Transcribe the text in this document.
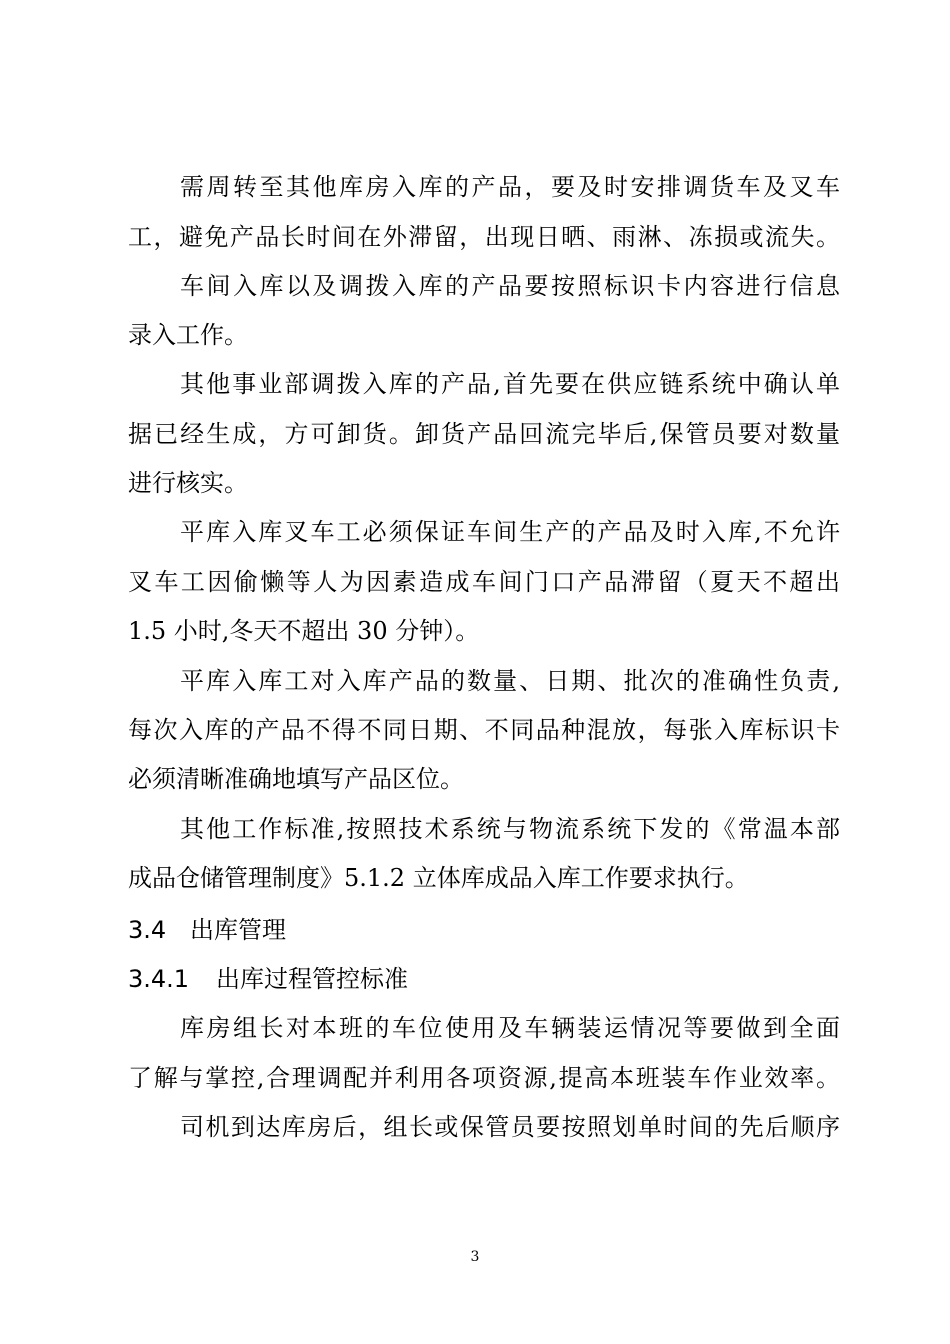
需周转至其他库房入库的产品，要及时安排调货车及叉车
工，避免产品长时间在外滞留，出现日晒、雨淋、冻损或流失。
车间入库以及调拨入库的产品要按照标识卡内容进行信息
录入工作。
其他事业部调拨入库的产品,首先要在供应链系统中确认单
据已经生成，方可卸货。卸货产品回流完毕后,保管员要对数量
进行核实。
平库入库叉车工必须保证车间生产的产品及时入库,不允许
叉车工因偷懒等人为因素造成车间门口产品滞留（夏天不超出
1.5 小时,冬天不超出 30 分钟）。
平库入库工对入库产品的数量、日期、批次的准确性负责,
每次入库的产品不得不同日期、不同品种混放，每张入库标识卡
必须清晰准确地填写产品区位。
其他工作标准,按照技术系统与物流系统下发的《常温本部
成品仓储管理制度》5.1.2 立体库成品入库工作要求执行。
3.4 出库管理
3.4.1	出库过程管控标准
库房组长对本班的车位使用及车辆装运情况等要做到全面
了解与掌控,合理调配并利用各项资源,提高本班装车作业效率。
司机到达库房后，组长或保管员要按照划单时间的先后顺序
3
